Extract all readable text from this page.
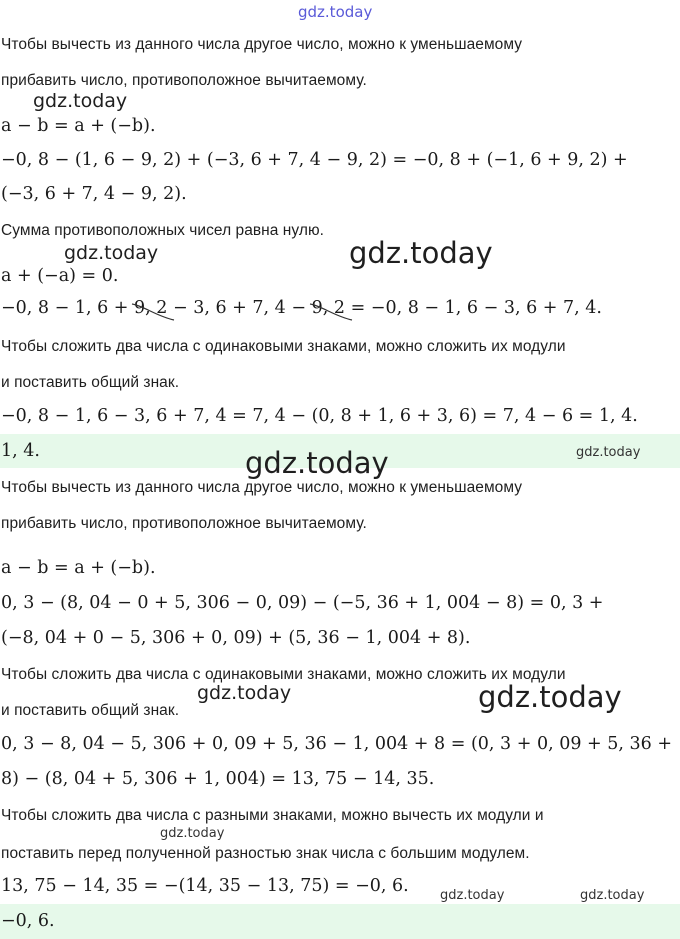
gdz.today
Чтобы вычесть из данного числа другое число, можно к уменьшаемому
прибавить число, противоположное вычитаемому.
gdz.today
a − b = a + (−b).
−0, 8 − (1, 6 − 9, 2) + (−3, 6 + 7, 4 − 9, 2) = −0, 8 + (−1, 6 + 9, 2) +
(−3, 6 + 7, 4 − 9, 2).
Сумма противоположных чисел равна нулю.
gdz.today	gdz.today
a + (−a) = 0.
−0, 8 − 1, 6 + 9, 2
− 3, 6 + 7, 4 − 9, 2
= −0, 8 − 1, 6 − 3, 6 + 7, 4.
Чтобы сложить два числа с одинаковыми знаками, можно сложить их модули
и поставить общий знак.
−0, 8 − 1, 6 − 3, 6 + 7, 4 = 7, 4 − (0, 8 + 1, 6 + 3, 6) = 7, 4 − 6 = 1, 4.
1, 4.	gdz.today
gdz.today
Чтобы вычесть из данного числа другое число, можно к уменьшаемому
прибавить число, противоположное вычитаемому.
a − b = a + (−b).
0, 3 − (8, 04 − 0 + 5, 306 − 0, 09) − (−5, 36 + 1, 004 − 8) = 0, 3 +
(−8, 04 + 0 − 5, 306 + 0, 09) + (5, 36 − 1, 004 + 8).
Чтобы сложить два числа с одинаковыми знаками, можно сложить их модули
gdz.today	gdz.today
и поставить общий знак.
0, 3 − 8, 04 − 5, 306 + 0, 09 + 5, 36 − 1, 004 + 8 = (0, 3 + 0, 09 + 5, 36 +
8) − (8, 04 + 5, 306 + 1, 004) = 13, 75 − 14, 35.
Чтобы сложить два числа с разными знаками, можно вычесть их модули и
gdz.today
поставить перед полученной разностью знак числа с большим модулем.
13, 75 − 14, 35 = −(14, 35 − 13, 75) = −0, 6. gdz.today	gdz.today
−0, 6.
